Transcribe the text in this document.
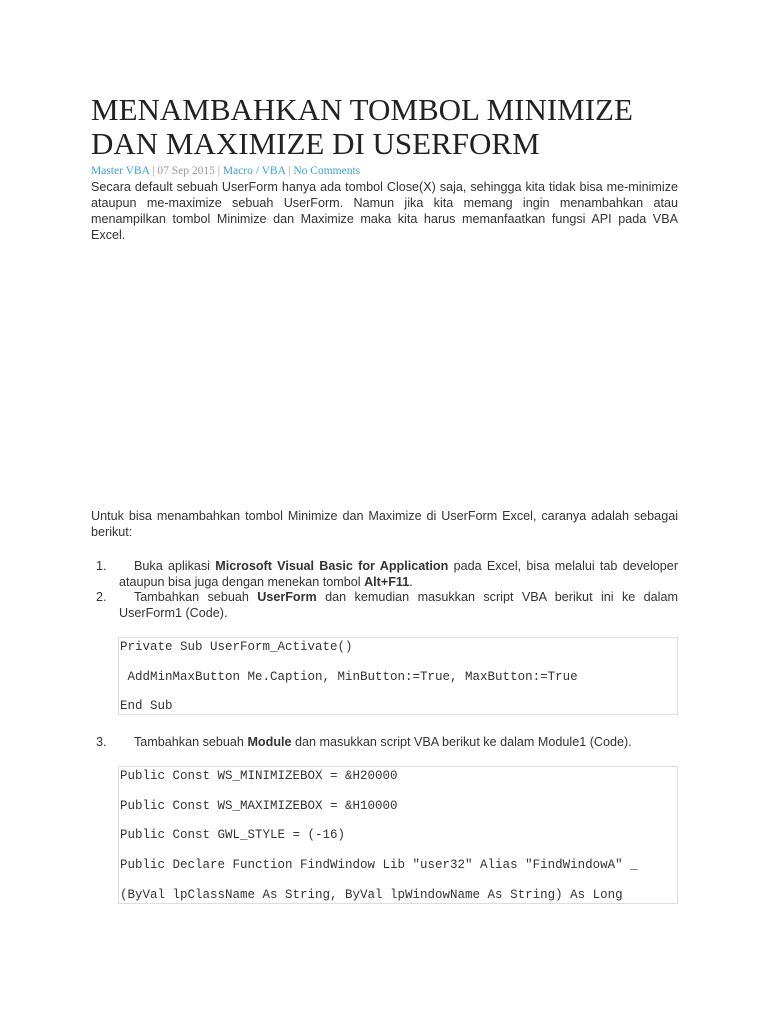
MENAMBAHKAN TOMBOL MINIMIZE
DAN MAXIMIZE DI USERFORM
Master VBA | 07 Sep 2015 | Macro / VBA | No Comments

Secara default sebuah UserForm hanya ada tombol Close(X) saja, sehingga kita tidak bisa me-minimize ataupun me-maximize sebuah UserForm. Namun jika kita memang ingin menambahkan atau menampilkan tombol Minimize dan Maximize maka kita harus memanfaatkan fungsi API pada VBA Excel.

Untuk bisa menambahkan tombol Minimize dan Maximize di UserForm Excel, caranya adalah sebagai berikut:

1.	Buka aplikasi Microsoft Visual Basic for Application pada Excel, bisa melalui tab developer ataupun bisa juga dengan menekan tombol Alt+F11.
2.	Tambahkan sebuah UserForm dan kemudian masukkan script VBA berikut ini ke dalam UserForm1 (Code).
Private Sub UserForm_Activate()
AddMinMaxButton Me.Caption, MinButton:=True, MaxButton:=True
End Sub
3.	Tambahkan sebuah Module dan masukkan script VBA berikut ke dalam Module1 (Code).
Public Const WS_MINIMIZEBOX = &H20000
Public Const WS_MAXIMIZEBOX = &H10000
Public Const GWL_STYLE = (-16)
Public Declare Function FindWindow Lib "user32" Alias "FindWindowA" _
(ByVal lpClassName As String, ByVal lpWindowName As String) As Long
